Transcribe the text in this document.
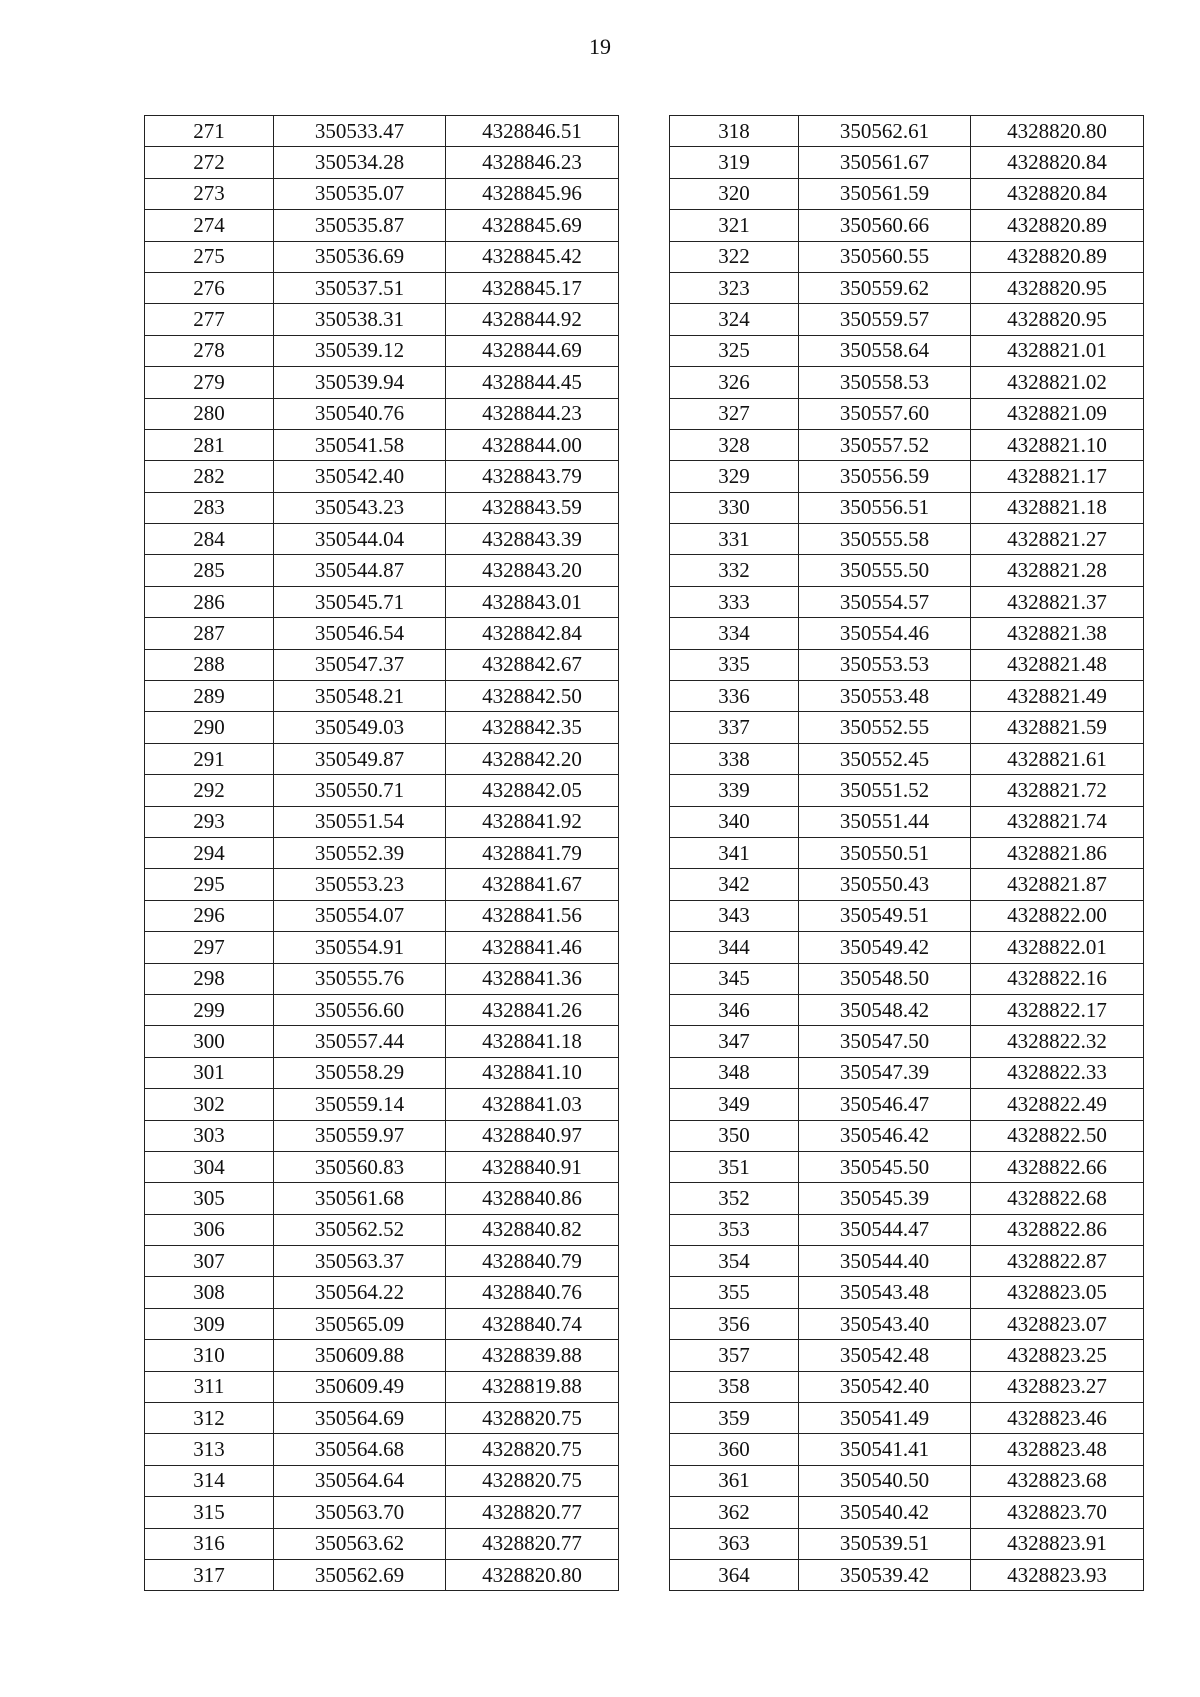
19
271	350533.47	4328846.51
272	350534.28	4328846.23
273	350535.07	4328845.96
274	350535.87	4328845.69
275	350536.69	4328845.42
276	350537.51	4328845.17
277	350538.31	4328844.92
278	350539.12	4328844.69
279	350539.94	4328844.45
280	350540.76	4328844.23
281	350541.58	4328844.00
282	350542.40	4328843.79
283	350543.23	4328843.59
284	350544.04	4328843.39
285	350544.87	4328843.20
286	350545.71	4328843.01
287	350546.54	4328842.84
288	350547.37	4328842.67
289	350548.21	4328842.50
290	350549.03	4328842.35
291	350549.87	4328842.20
292	350550.71	4328842.05
293	350551.54	4328841.92
294	350552.39	4328841.79
295	350553.23	4328841.67
296	350554.07	4328841.56
297	350554.91	4328841.46
298	350555.76	4328841.36
299	350556.60	4328841.26
300	350557.44	4328841.18
301	350558.29	4328841.10
302	350559.14	4328841.03
303	350559.97	4328840.97
304	350560.83	4328840.91
305	350561.68	4328840.86
306	350562.52	4328840.82
307	350563.37	4328840.79
308	350564.22	4328840.76
309	350565.09	4328840.74
310	350609.88	4328839.88
311	350609.49	4328819.88
312	350564.69	4328820.75
313	350564.68	4328820.75
314	350564.64	4328820.75
315	350563.70	4328820.77
316	350563.62	4328820.77
317	350562.69	4328820.80
318	350562.61	4328820.80
319	350561.67	4328820.84
320	350561.59	4328820.84
321	350560.66	4328820.89
322	350560.55	4328820.89
323	350559.62	4328820.95
324	350559.57	4328820.95
325	350558.64	4328821.01
326	350558.53	4328821.02
327	350557.60	4328821.09
328	350557.52	4328821.10
329	350556.59	4328821.17
330	350556.51	4328821.18
331	350555.58	4328821.27
332	350555.50	4328821.28
333	350554.57	4328821.37
334	350554.46	4328821.38
335	350553.53	4328821.48
336	350553.48	4328821.49
337	350552.55	4328821.59
338	350552.45	4328821.61
339	350551.52	4328821.72
340	350551.44	4328821.74
341	350550.51	4328821.86
342	350550.43	4328821.87
343	350549.51	4328822.00
344	350549.42	4328822.01
345	350548.50	4328822.16
346	350548.42	4328822.17
347	350547.50	4328822.32
348	350547.39	4328822.33
349	350546.47	4328822.49
350	350546.42	4328822.50
351	350545.50	4328822.66
352	350545.39	4328822.68
353	350544.47	4328822.86
354	350544.40	4328822.87
355	350543.48	4328823.05
356	350543.40	4328823.07
357	350542.48	4328823.25
358	350542.40	4328823.27
359	350541.49	4328823.46
360	350541.41	4328823.48
361	350540.50	4328823.68
362	350540.42	4328823.70
363	350539.51	4328823.91
364	350539.42	4328823.93
